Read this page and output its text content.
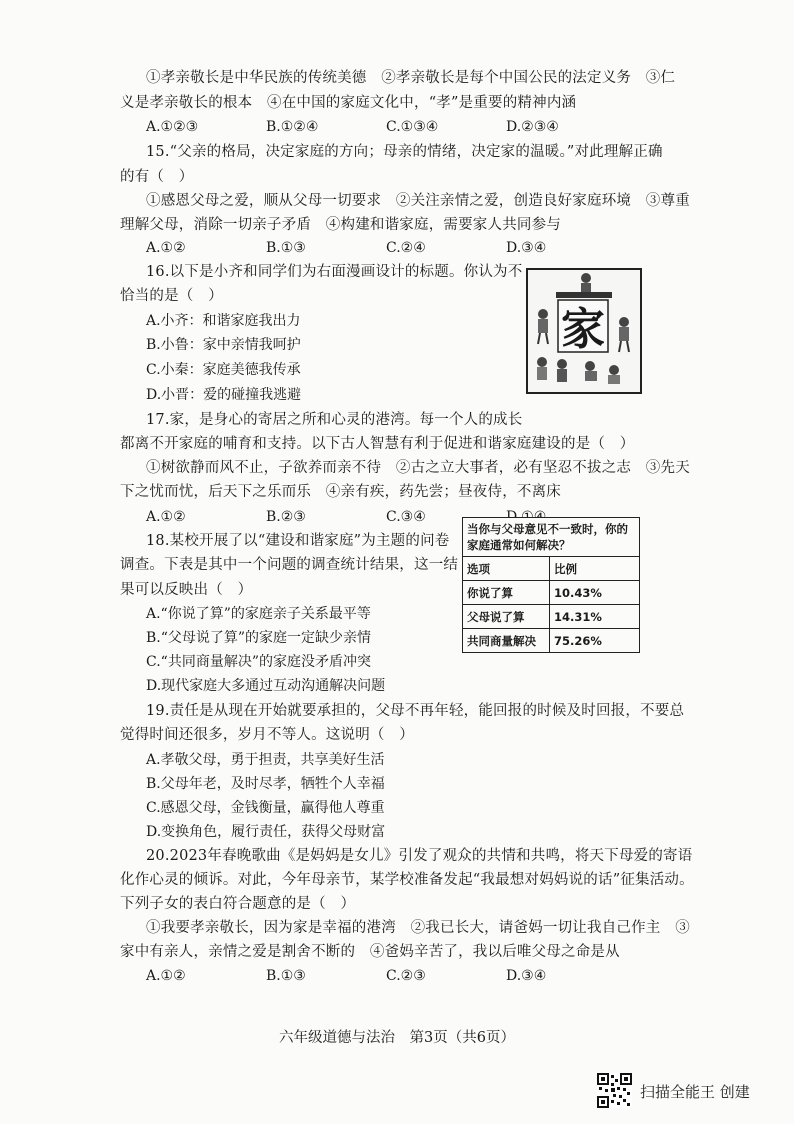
①孝亲敬长是中华民族的传统美德　②孝亲敬长是每个中国公民的法定义务　③仁
义是孝亲敬长的根本　④在中国的家庭文化中，“孝”是重要的精神内涵
A.①②③	B.①②④	C.①③④	D.②③④
15.“父亲的格局，决定家庭的方向；母亲的情绪，决定家的温暖。”对此理解正确
的有（　）
①感恩父母之爱，顺从父母一切要求　②关注亲情之爱，创造良好家庭环境　③尊重
理解父母，消除一切亲子矛盾　④构建和谐家庭，需要家人共同参与
A.①②	B.①③	C.②④	D.③④
16.以下是小齐和同学们为右面漫画设计的标题。你认为不
恰当的是（　）
A.小齐：和谐家庭我出力
B.小鲁：家中亲情我呵护
C.小秦：家庭美德我传承
D.小晋：爱的碰撞我逃避
家
17.家，是身心的寄居之所和心灵的港湾。每一个人的成长
都离不开家庭的哺育和支持。以下古人智慧有利于促进和谐家庭建设的是（　）
①树欲静而风不止，子欲养而亲不待　②古之立大事者，必有坚忍不拔之志　③先天
下之忧而忧，后天下之乐而乐　④亲有疾，药先尝；昼夜侍，不离床
A.①②	B.②③	C.③④
18.某校开展了以“建设和谐家庭”为主题的问卷
调查。下表是其中一个问题的调查统计结果，这一结
果可以反映出（　）
A.“你说了算”的家庭亲子关系最平等
B.“父母说了算”的家庭一定缺少亲情
C.“共同商量解决”的家庭没矛盾冲突
D.现代家庭大多通过互动沟通解决问题
当你与父母意见不一致时，你的家庭通常如何解决？
选项	比例
你说了算	10.43%
父母说了算	14.31%
共同商量解决	75.26%
19.责任是从现在开始就要承担的，父母不再年轻，能回报的时候及时回报，不要总
觉得时间还很多，岁月不等人。这说明（　）
A.孝敬父母，勇于担责，共享美好生活
B.父母年老，及时尽孝，牺牲个人幸福
C.感恩父母，金钱衡量，赢得他人尊重
D.变换角色，履行责任，获得父母财富
20.2023年春晚歌曲《是妈妈是女儿》引发了观众的共情和共鸣，将天下母爱的寄语
化作心灵的倾诉。对此，今年母亲节，某学校准备发起“我最想对妈妈说的话”征集活动。
下列子女的表白符合题意的是（　）
①我要孝亲敬长，因为家是幸福的港湾　②我已长大，请爸妈一切让我自己作主　③
家中有亲人，亲情之爱是割舍不断的　④爸妈辛苦了，我以后唯父母之命是从
A.①②	B.①③	C.②③	D.③④
六年级道德与法治　第3页（共6页）
扫描全能王 创建
